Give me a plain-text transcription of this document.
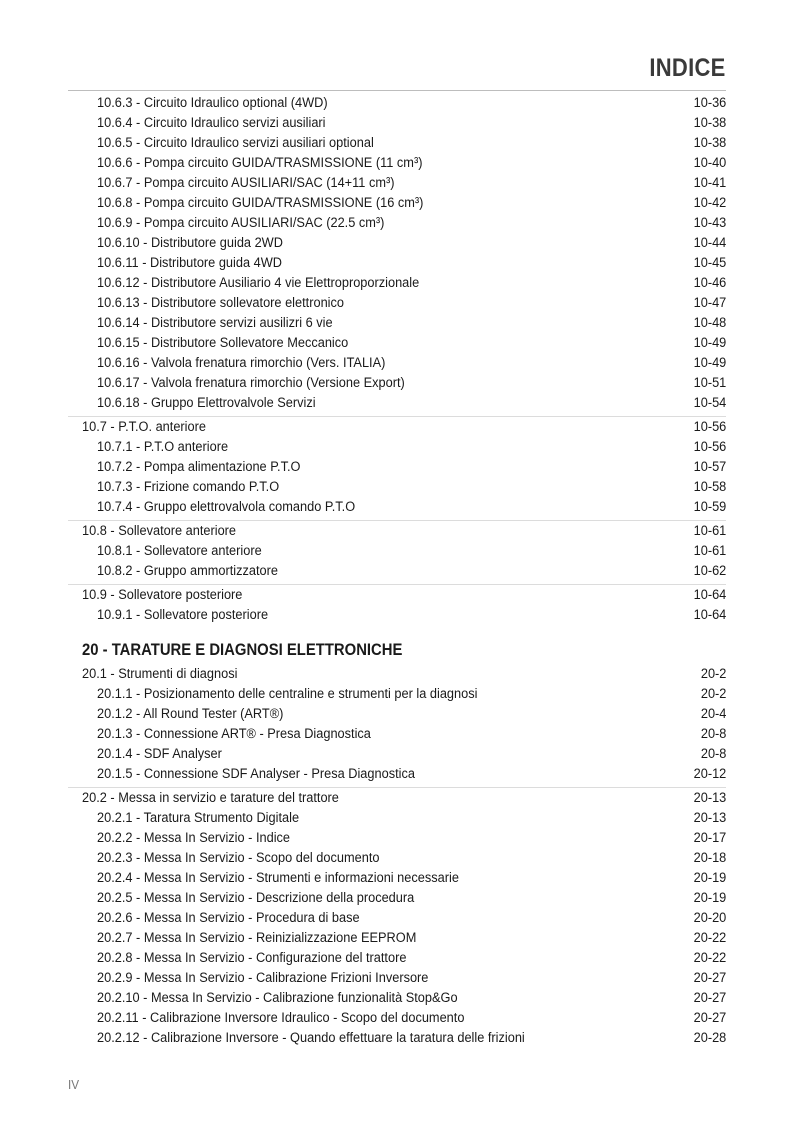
INDICE
10.6.3 - Circuito Idraulico optional (4WD)	10-36
10.6.4 - Circuito Idraulico servizi ausiliari	10-38
10.6.5 - Circuito Idraulico servizi ausiliari optional	10-38
10.6.6 - Pompa circuito GUIDA/TRASMISSIONE (11 cm³)	10-40
10.6.7 - Pompa circuito AUSILIARI/SAC (14+11 cm³)	10-41
10.6.8 - Pompa circuito GUIDA/TRASMISSIONE (16 cm³)	10-42
10.6.9 - Pompa circuito AUSILIARI/SAC (22.5 cm³)	10-43
10.6.10 - Distributore guida 2WD	10-44
10.6.11 - Distributore guida 4WD	10-45
10.6.12 - Distributore Ausiliario 4 vie Elettroproporzionale	10-46
10.6.13 - Distributore sollevatore elettronico	10-47
10.6.14 - Distributore servizi ausilizri 6 vie	10-48
10.6.15 - Distributore Sollevatore Meccanico	10-49
10.6.16 - Valvola frenatura rimorchio (Vers. ITALIA)	10-49
10.6.17 - Valvola frenatura rimorchio (Versione Export)	10-51
10.6.18 - Gruppo Elettrovalvole Servizi	10-54
10.7 - P.T.O. anteriore	10-56
10.7.1 - P.T.O anteriore	10-56
10.7.2 - Pompa alimentazione P.T.O	10-57
10.7.3 - Frizione comando P.T.O	10-58
10.7.4 - Gruppo elettrovalvola comando P.T.O	10-59
10.8 - Sollevatore anteriore	10-61
10.8.1 - Sollevatore anteriore	10-61
10.8.2 - Gruppo ammortizzatore	10-62
10.9 - Sollevatore posteriore	10-64
10.9.1 - Sollevatore posteriore	10-64
20 - TARATURE E DIAGNOSI ELETTRONICHE
20.1 - Strumenti di diagnosi	20-2
20.1.1 - Posizionamento delle centraline e strumenti per la diagnosi	20-2
20.1.2 - All Round Tester (ART®)	20-4
20.1.3 - Connessione ART® - Presa Diagnostica	20-8
20.1.4 - SDF Analyser	20-8
20.1.5 - Connessione SDF Analyser - Presa Diagnostica	20-12
20.2 - Messa in servizio e tarature del trattore	20-13
20.2.1 - Taratura Strumento Digitale	20-13
20.2.2 - Messa In Servizio - Indice	20-17
20.2.3 - Messa In Servizio - Scopo del documento	20-18
20.2.4 - Messa In Servizio - Strumenti e informazioni necessarie	20-19
20.2.5 - Messa In Servizio - Descrizione della procedura	20-19
20.2.6 - Messa In Servizio - Procedura di base	20-20
20.2.7 - Messa In Servizio - Reinizializzazione EEPROM	20-22
20.2.8 - Messa In Servizio - Configurazione del trattore	20-22
20.2.9 - Messa In Servizio - Calibrazione Frizioni Inversore	20-27
20.2.10 - Messa In Servizio - Calibrazione funzionalità Stop&Go	20-27
20.2.11 - Calibrazione Inversore Idraulico - Scopo del documento	20-27
20.2.12 - Calibrazione Inversore - Quando effettuare la taratura delle frizioni	20-28
IV
